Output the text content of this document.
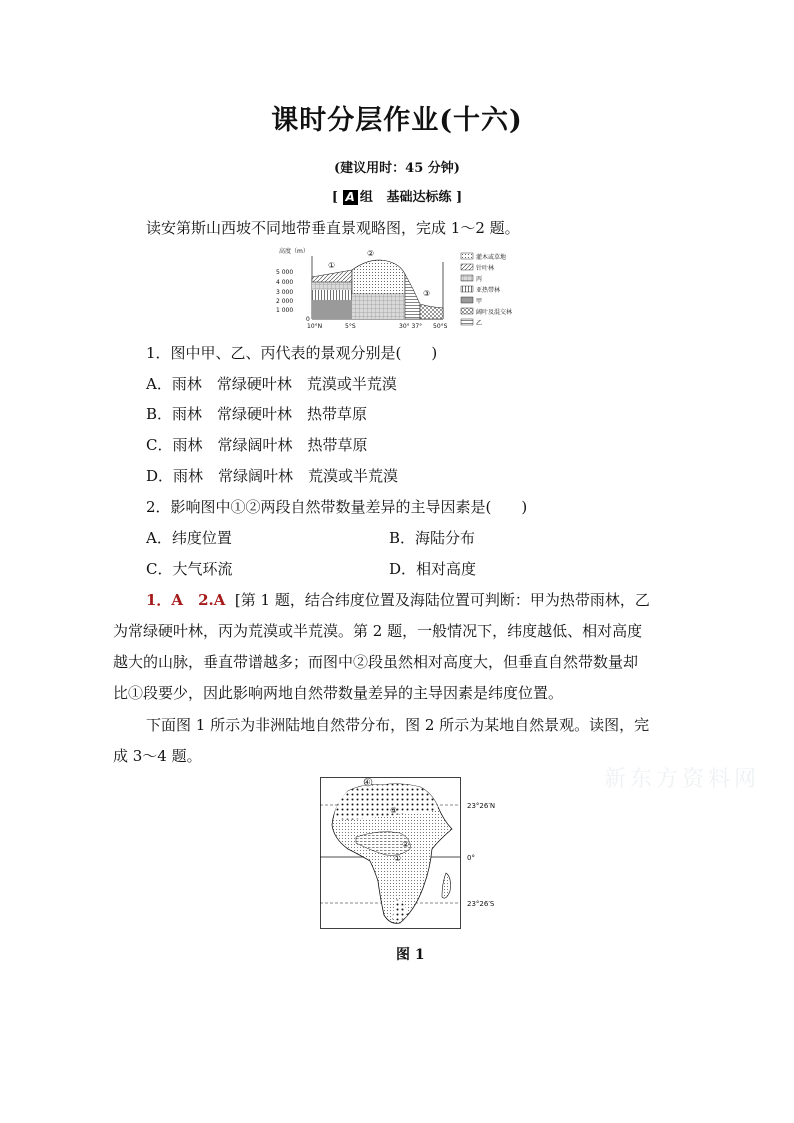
课时分层作业(十六)
(建议用时：45 分钟)
[ A 组 基础达标练 ]
读安第斯山西坡不同地带垂直景观略图，完成 1～2 题。
高度（m）
5 000
4 000
3 000
2 000
1 000
0
①
②
③
10°N	5°S	30° 37° 50°S
灌木或草地
针叶林
丙
亚热带林
甲
阔叶及混交林
乙
1．图中甲、乙、丙代表的景观分别是(　　)
A．雨林　常绿硬叶林　荒漠或半荒漠
B．雨林　常绿硬叶林　热带草原
C．雨林　常绿阔叶林　热带草原
D．雨林　常绿阔叶林　荒漠或半荒漠
2．影响图中①②两段自然带数量差异的主导因素是(　　)
A．纬度位置	B．海陆分布
C．大气环流	D．相对高度
1．A　2.A [第 1 题，结合纬度位置及海陆位置可判断：甲为热带雨林，乙
为常绿硬叶林，丙为荒漠或半荒漠。第 2 题，一般情况下，纬度越低、相对高度
越大的山脉，垂直带谱越多；而图中②段虽然相对高度大，但垂直自然带数量却
比①段要少，因此影响两地自然带数量差异的主导因素是纬度位置。
下面图 1 所示为非洲陆地自然带分布，图 2 所示为某地自然景观。读图，完
成 3～4 题。
新东方资料网
④
③
②
①
23°26′N
0°
23°26′S
图 1
